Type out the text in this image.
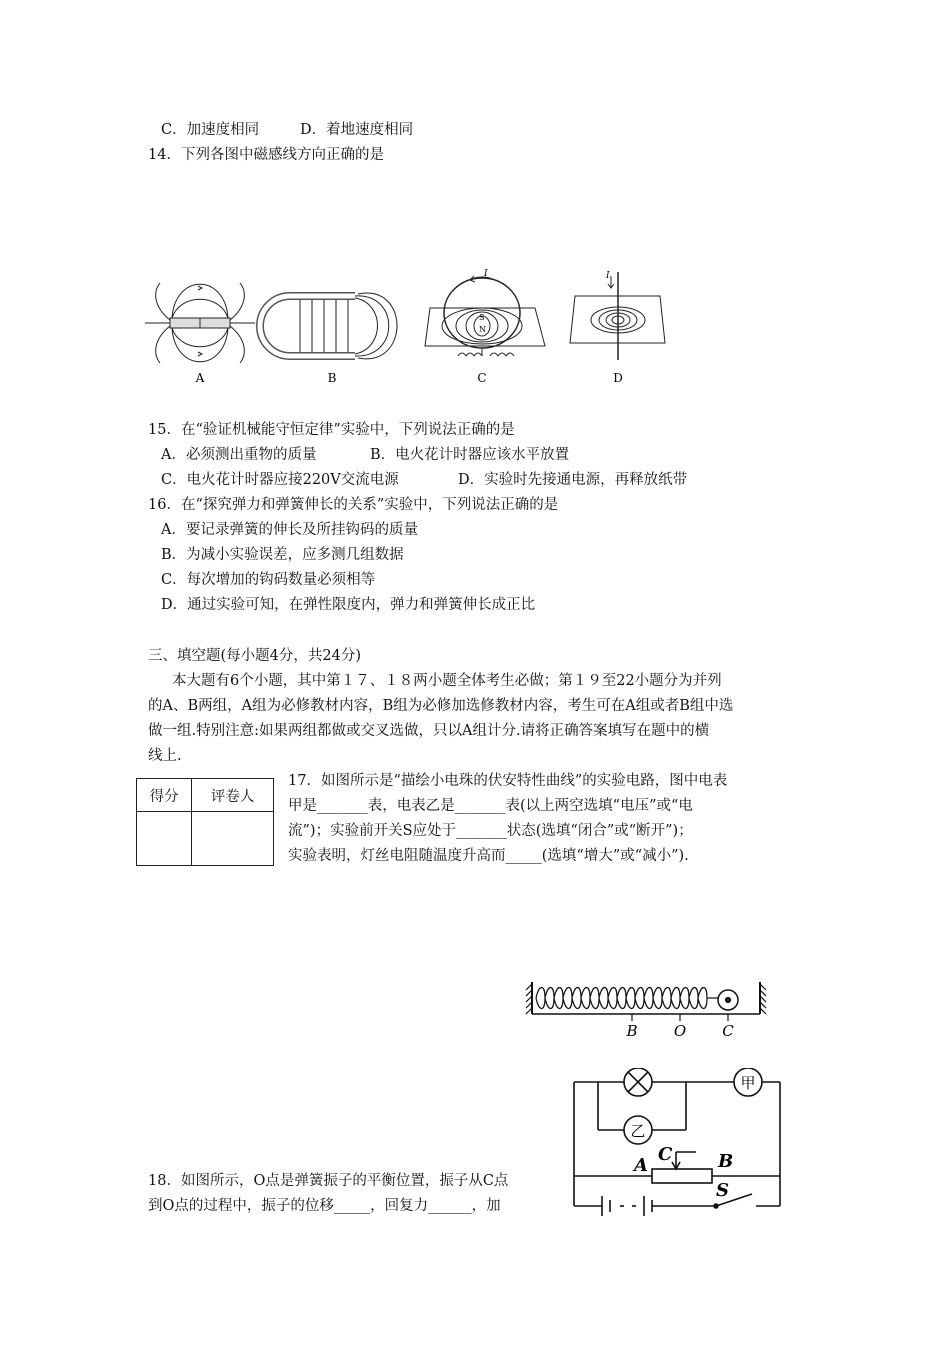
C．加速度相同	D．着地速度相同
14．下列各图中磁感线方向正确的是
A	B
I
S
N
C
I
D
15．在“验证机械能守恒定律”实验中，下列说法正确的是
A．必须测出重物的质量	B．电火花计时器应该水平放置
C．电火花计时器应接220V交流电源	D．实验时先接通电源，再释放纸带
16．在“探究弹力和弹簧伸长的关系”实验中，下列说法正确的是
A．要记录弹簧的伸长及所挂钩码的质量
B．为减小实验误差，应多测几组数据
C．每次增加的钩码数量必须相等
D．通过实验可知，在弹性限度内，弹力和弹簧伸长成正比
三、填空题(每小题4分，共24分)
本大题有6个小题，其中第１７、１８两小题全体考生必做；第１９至22小题分为并列
的A、B两组，A组为必修教材内容，B组为必修加选修教材内容，考生可在A组或者B组中选
做一组.特别注意:如果两组都做或交叉选做，只以A组计分.请将正确答案填写在题中的横
线上.
得分	评卷人

17．如图所示是“描绘小电珠的伏安特性曲线”的实验电路，图中电表
甲是_______表，电表乙是_______表(以上两空选填“电压”或“电
流”)；实验前开关S应处于_______状态(选填“闭合”或“断开”)；
实验表明，灯丝电阻随温度升高而_____(选填“增大”或“减小”).
B O C
甲
乙
A
C	B
S
18．如图所示，O点是弹簧振子的平衡位置，振子从C点
到O点的过程中，振子的位移_____，回复力______，加
